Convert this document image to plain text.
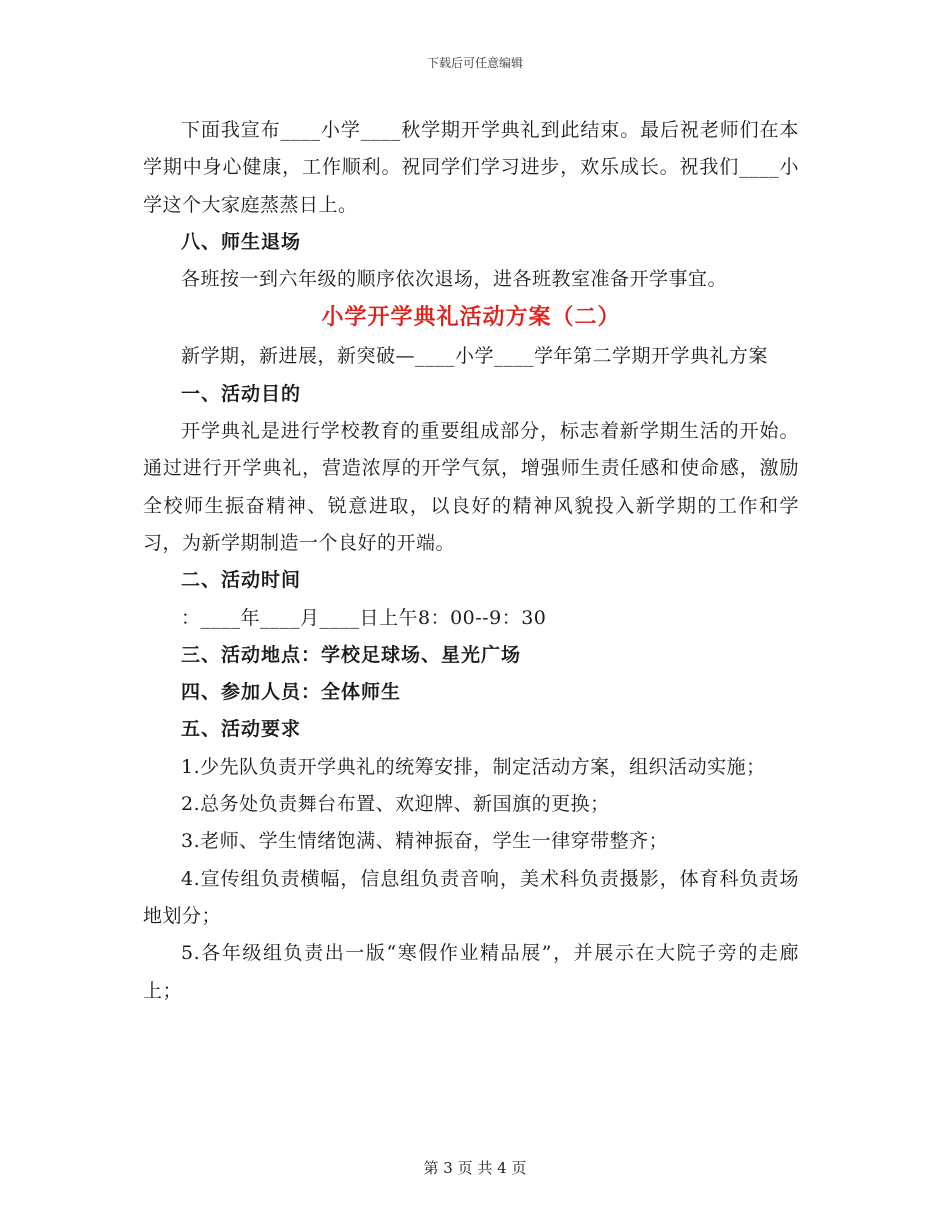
下载后可任意编辑

下面我宣布____小学____秋学期开学典礼到此结束。最后祝老师们在本学期中身心健康，工作顺利。祝同学们学习进步，欢乐成长。祝我们____小学这个大家庭蒸蒸日上。

八、师生退场

各班按一到六年级的顺序依次退场，进各班教室准备开学事宜。

小学开学典礼活动方案（二）

新学期，新进展，新突破—____小学____学年第二学期开学典礼方案

一、活动目的

开学典礼是进行学校教育的重要组成部分，标志着新学期生活的开始。通过进行开学典礼，营造浓厚的开学气氛，增强师生责任感和使命感，激励全校师生振奋精神、锐意进取，以良好的精神风貌投入新学期的工作和学习，为新学期制造一个良好的开端。

二、活动时间

：____年____月____日上午8：00--9：30

三、活动地点：学校足球场、星光广场

四、参加人员：全体师生

五、活动要求

1.少先队负责开学典礼的统筹安排，制定活动方案，组织活动实施；

2.总务处负责舞台布置、欢迎牌、新国旗的更换；

3.老师、学生情绪饱满、精神振奋，学生一律穿带整齐；

4.宣传组负责横幅，信息组负责音响，美术科负责摄影，体育科负责场地划分；

5.各年级组负责出一版“寒假作业精品展”，并展示在大院子旁的走廊上；

第 3 页 共 4 页
